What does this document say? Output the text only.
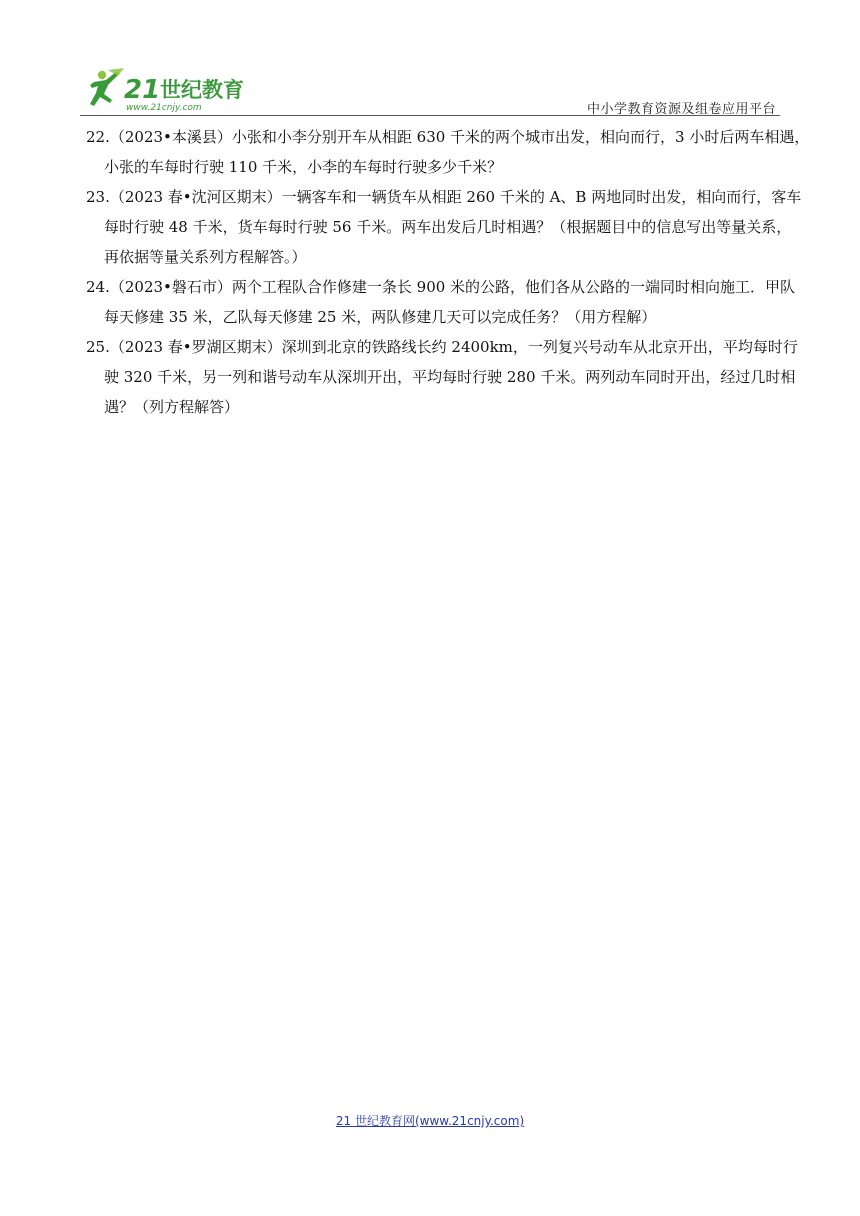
21 世纪教育
www.21cnjy.com	中小学教育资源及组卷应用平台
22.（2023•本溪县）小张和小李分别开车从相距 630 千米的两个城市出发，相向而行，3 小时后两车相遇，
小张的车每时行驶 110 千米，小李的车每时行驶多少千米？
23.（2023 春•沈河区期末）一辆客车和一辆货车从相距 260 千米的 A、B 两地同时出发，相向而行，客车
每时行驶 48 千米，货车每时行驶 56 千米。两车出发后几时相遇？（根据题目中的信息写出等量关系，
再依据等量关系列方程解答。）
24.（2023•磐石市）两个工程队合作修建一条长 900 米的公路，他们各从公路的一端同时相向施工．甲队
每天修建 35 米，乙队每天修建 25 米，两队修建几天可以完成任务？（用方程解）
25.（2023 春•罗湖区期末）深圳到北京的铁路线长约 2400km，一列复兴号动车从北京开出，平均每时行
驶 320 千米，另一列和谐号动车从深圳开出，平均每时行驶 280 千米。两列动车同时开出，经过几时相
遇？（列方程解答）
21 世纪教育网(www.21cnjy.com)
